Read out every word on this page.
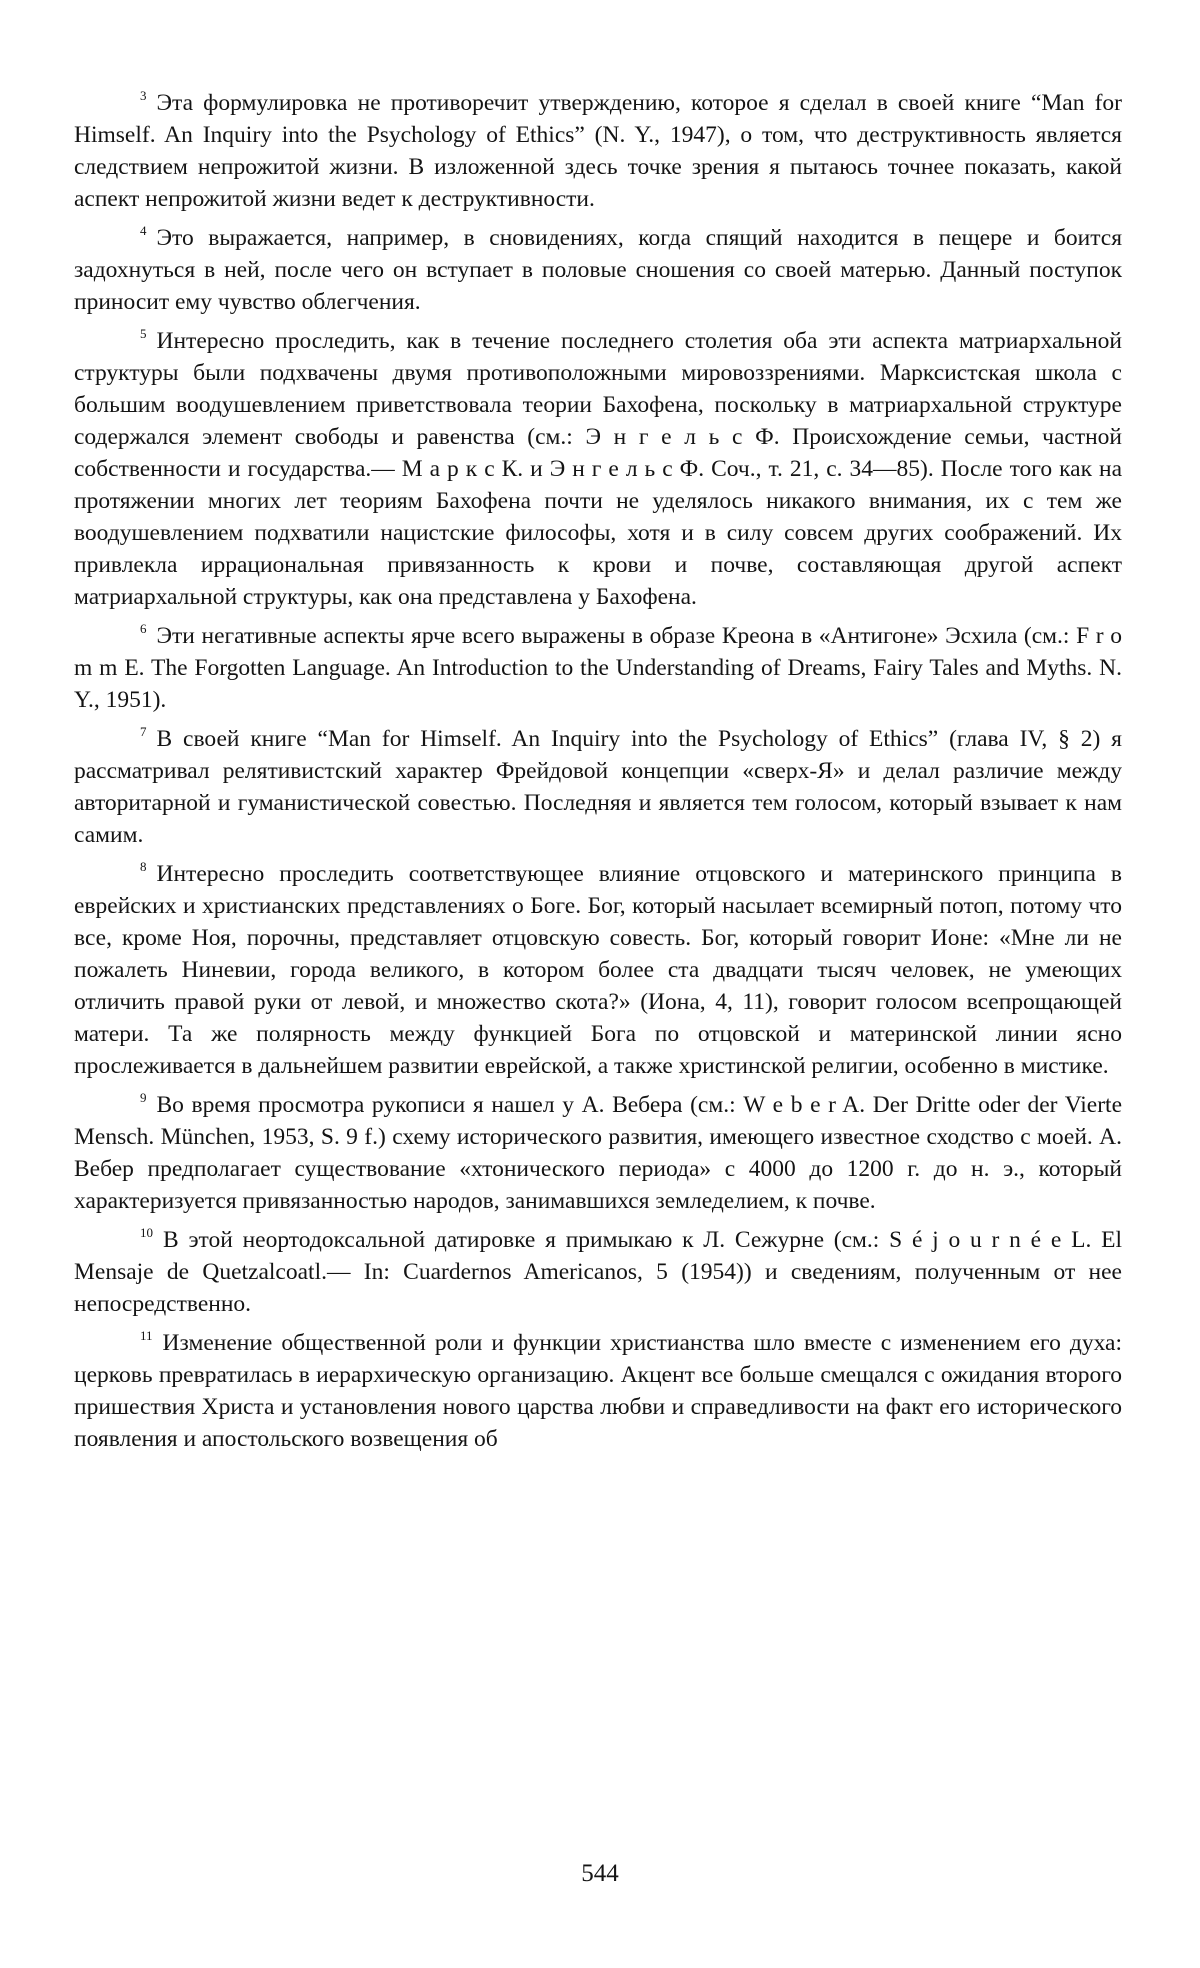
$^3$ Эта формулировка не противоречит утверждению, которое я сделал в своей книге “Man for Himself. An Inquiry into the Psychology of Ethics” (N. Y., 1947), о том, что деструктивность является следствием непрожитой жизни. В изложенной здесь точке зрения я пытаюсь точнее показать, какой аспект непрожитой жизни ведет к деструктивности.

$^4$ Это выражается, например, в сновидениях, когда спящий находится в пещере и боится задохнуться в ней, после чего он вступает в половые сношения со своей матерью. Данный поступок приносит ему чувство облегчения.

$^5$ Интересно проследить, как в течение последнего столетия оба эти аспекта матриархальной структуры были подхвачены двумя противоположными мировоззрениями. Марксистская школа с большим воодушевлением приветствовала теории Бахофена, поскольку в матриархальной структуре содержался элемент свободы и равенства (см.: Э н г е л ь с Ф. Происхождение семьи, частной собственности и государства.— М а р к с К. и Э н г е л ь с Ф. Соч., т. 21, с. 34—85). После того как на протяжении многих лет теориям Бахофена почти не уделялось никакого внимания, их с тем же воодушевлением подхватили нацистские философы, хотя и в силу совсем других соображений. Их привлекла иррациональная привязанность к крови и почве, составляющая другой аспект матриархальной структуры, как она представлена у Бахофена.

$^6$ Эти негативные аспекты ярче всего выражены в образе Креона в «Антигоне» Эсхила (см.: F r o m m E. The Forgotten Language. An Introduction to the Understanding of Dreams, Fairy Tales and Myths. N. Y., 1951).

$^7$ В своей книге “Man for Himself. An Inquiry into the Psychology of Ethics” (глава IV, § 2) я рассматривал релятивистский характер Фрейдовой концепции «сверх-Я» и делал различие между авторитарной и гуманистической совестью. Последняя и является тем голосом, который взывает к нам самим.

$^8$ Интересно проследить соответствующее влияние отцовского и материнского принципа в еврейских и христианских представлениях о Боге. Бог, который насылает всемирный потоп, потому что все, кроме Ноя, порочны, представляет отцовскую совесть. Бог, который говорит Ионе: «Мне ли не пожалеть Ниневии, города великого, в котором более ста двадцати тысяч человек, не умеющих отличить правой руки от левой, и множество скота?» (Иона, 4, 11), говорит голосом всепрощающей матери. Та же полярность между функцией Бога по отцовской и материнской линии ясно прослеживается в дальнейшем развитии еврейской, а также христинской религии, особенно в мистике.

$^9$ Во время просмотра рукописи я нашел у А. Вебера (см.: W e b e r A. Der Dritte oder der Vierte Mensch. München, 1953, S. 9 f.) схему исторического развития, имеющего известное сходство с моей. А. Вебер предполагает существование «хтонического периода» с 4000 до 1200 г. до н. э., который характеризуется привязанностью народов, занимавшихся земледелием, к почве.

$^{10}$ В этой неортодоксальной датировке я примыкаю к Л. Сежурне (см.: S é j o u r n é e L. El Mensaje de Quetzalcoatl.— In: Cuardernos Americanos, 5 (1954)) и сведениям, полученным от нее непосредственно.

$^{11}$ Изменение общественной роли и функции христианства шло вместе с изменением его духа: церковь превратилась в иерархическую организацию. Акцент все больше смещался с ожидания второго пришествия Христа и установления нового царства любви и справедливости на факт его исторического появления и апостольского возвещения об

544
